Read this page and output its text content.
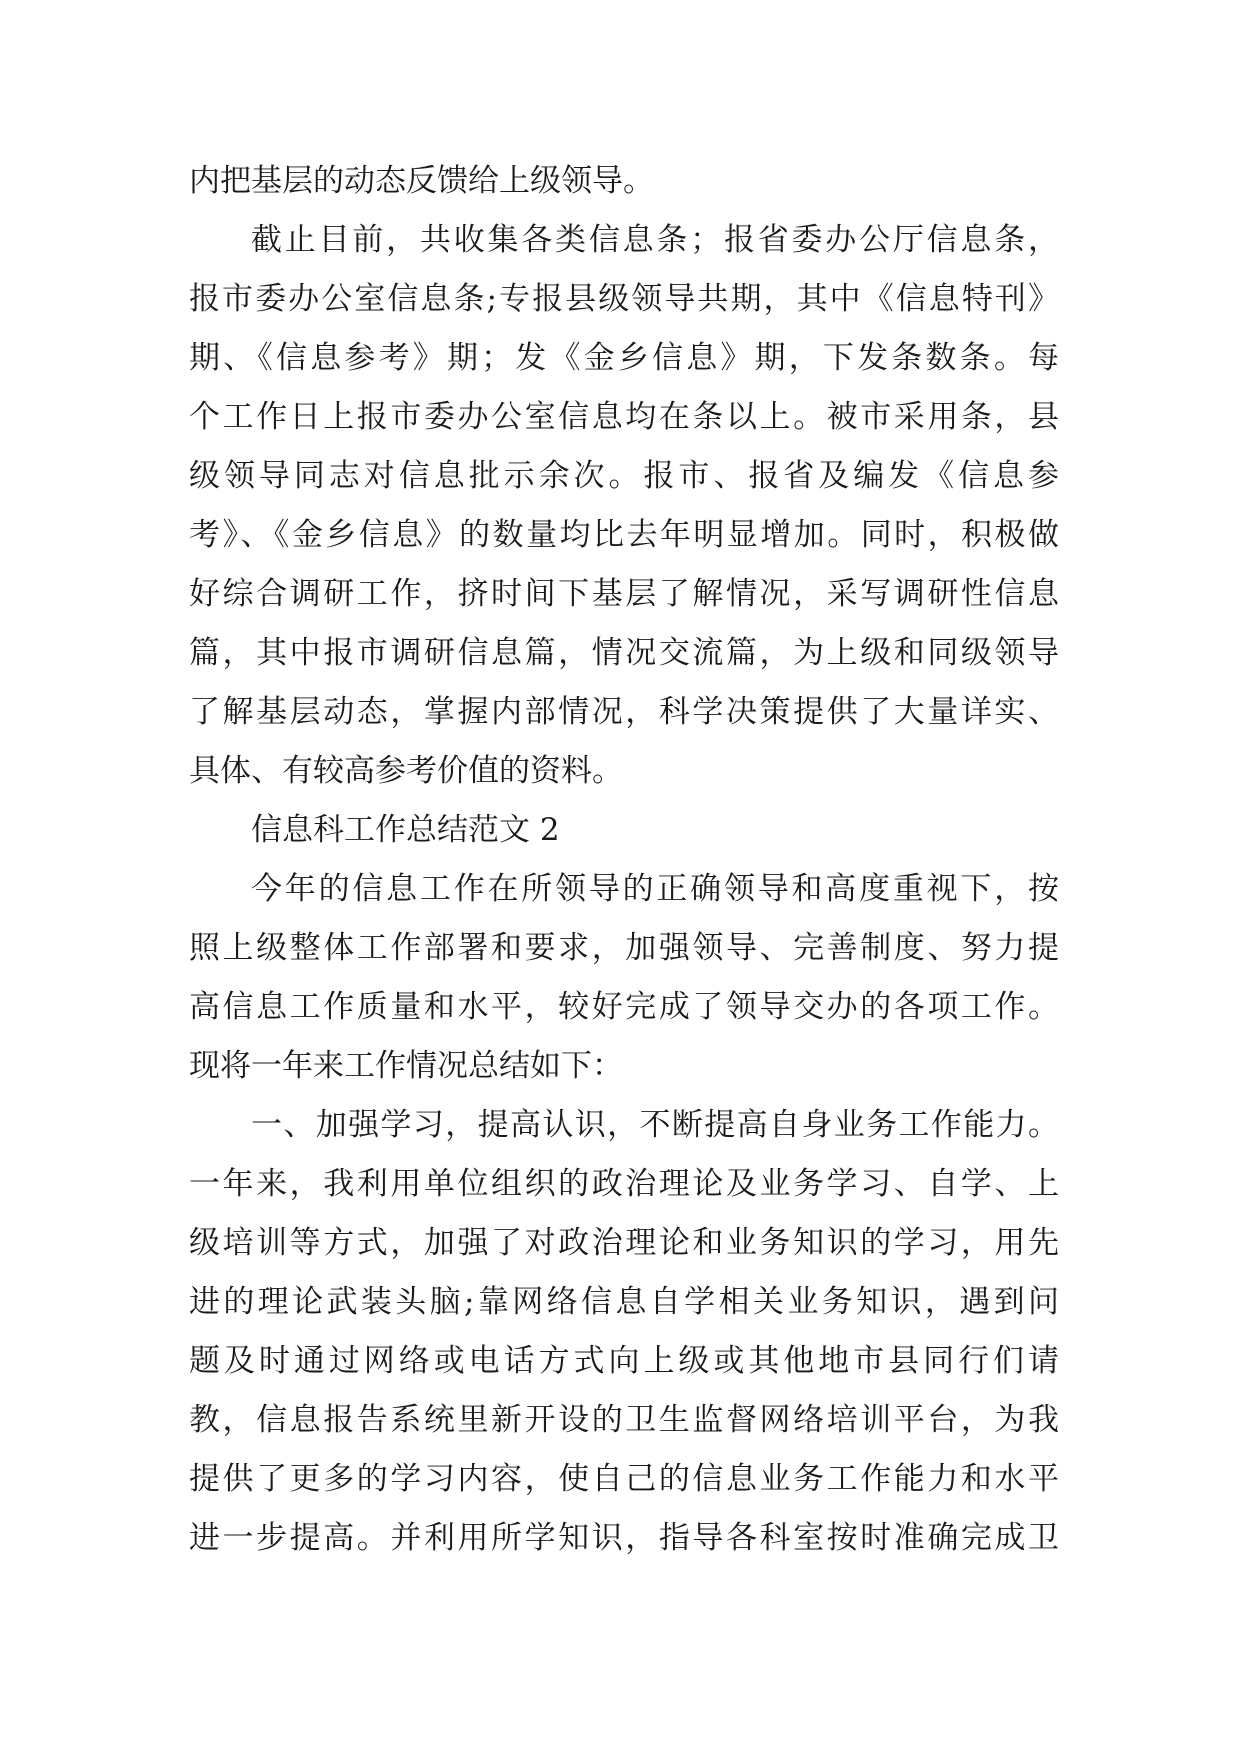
内把基层的动态反馈给上级领导。
截止目前，共收集各类信息条；报省委办公厅信息条，
报市委办公室信息条;专报县级领导共期，其中《信息特刊》
期、《信息参考》期；发《金乡信息》期，下发条数条。每
个工作日上报市委办公室信息均在条以上。被市采用条，县
级领导同志对信息批示余次。报市、报省及编发《信息参
考》、《金乡信息》的数量均比去年明显增加。同时，积极做
好综合调研工作，挤时间下基层了解情况，采写调研性信息
篇，其中报市调研信息篇，情况交流篇，为上级和同级领导
了解基层动态，掌握内部情况，科学决策提供了大量详实、
具体、有较高参考价值的资料。
信息科工作总结范文 2
今年的信息工作在所领导的正确领导和高度重视下，按
照上级整体工作部署和要求，加强领导、完善制度、努力提
高信息工作质量和水平，较好完成了领导交办的各项工作。
现将一年来工作情况总结如下：
一、加强学习，提高认识，不断提高自身业务工作能力。
一年来，我利用单位组织的政治理论及业务学习、自学、上
级培训等方式，加强了对政治理论和业务知识的学习，用先
进的理论武装头脑;靠网络信息自学相关业务知识，遇到问
题及时通过网络或电话方式向上级或其他地市县同行们请
教，信息报告系统里新开设的卫生监督网络培训平台，为我
提供了更多的学习内容，使自己的信息业务工作能力和水平
进一步提高。并利用所学知识，指导各科室按时准确完成卫
